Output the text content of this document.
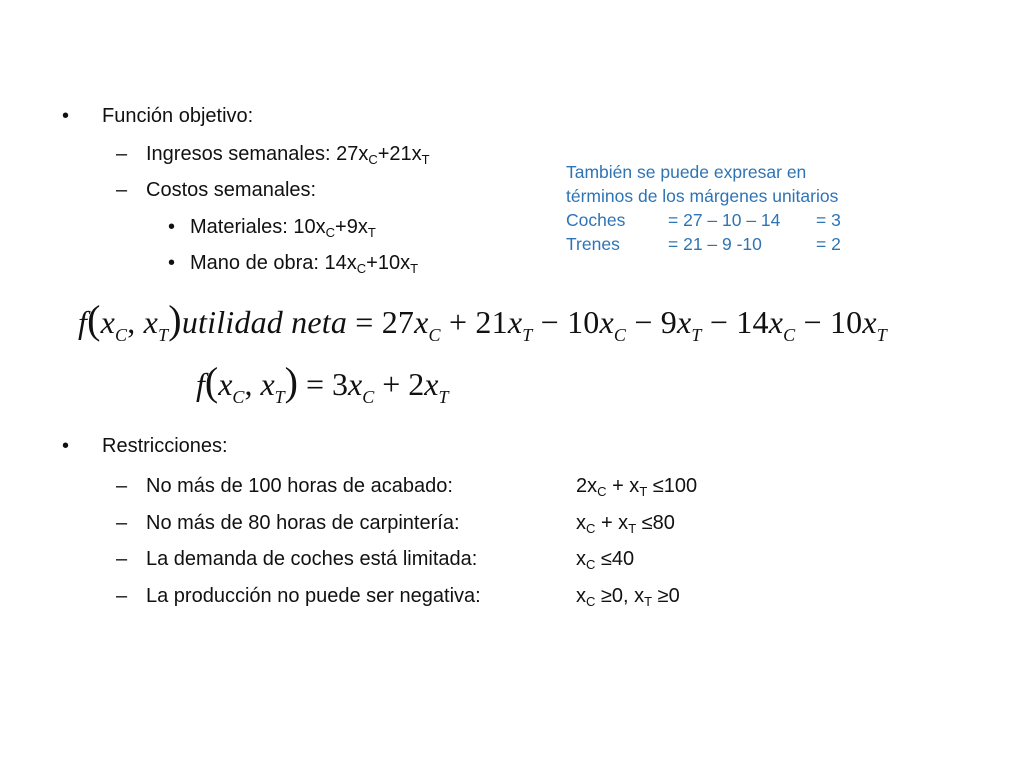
• Función objetivo:
– Ingresos semanales: $27x_C+21x_T$
– Costos semanales:
• Materiales: $10x_C+9x_T$
• Mano de obra: $14x_C+10x_T$
También se puede expresar en
términos de los márgenes unitarios
Coches	= 27 – 10 – 14	= 3
Trenes	= 21 – 9 -10	= 2
$f(x_C$, $x_T)utilidad$ neta = $27x_C + 21x_T - 10x_C - 9x_T - 14x_C - 10x_T$
$f(x_C$, $x_T) = 3x_C + 2x_T$
• Restricciones:
– No más de 100 horas de acabado:	$2x_C + x_T \le 100$
– No más de 80 horas de carpintería:	$x_C + x_T \le 80$
– La demanda de coches está limitada:	$x_C \le 40$
– La producción no puede ser negativa:	$x_C \ge 0$, $x_T \ge 0$
